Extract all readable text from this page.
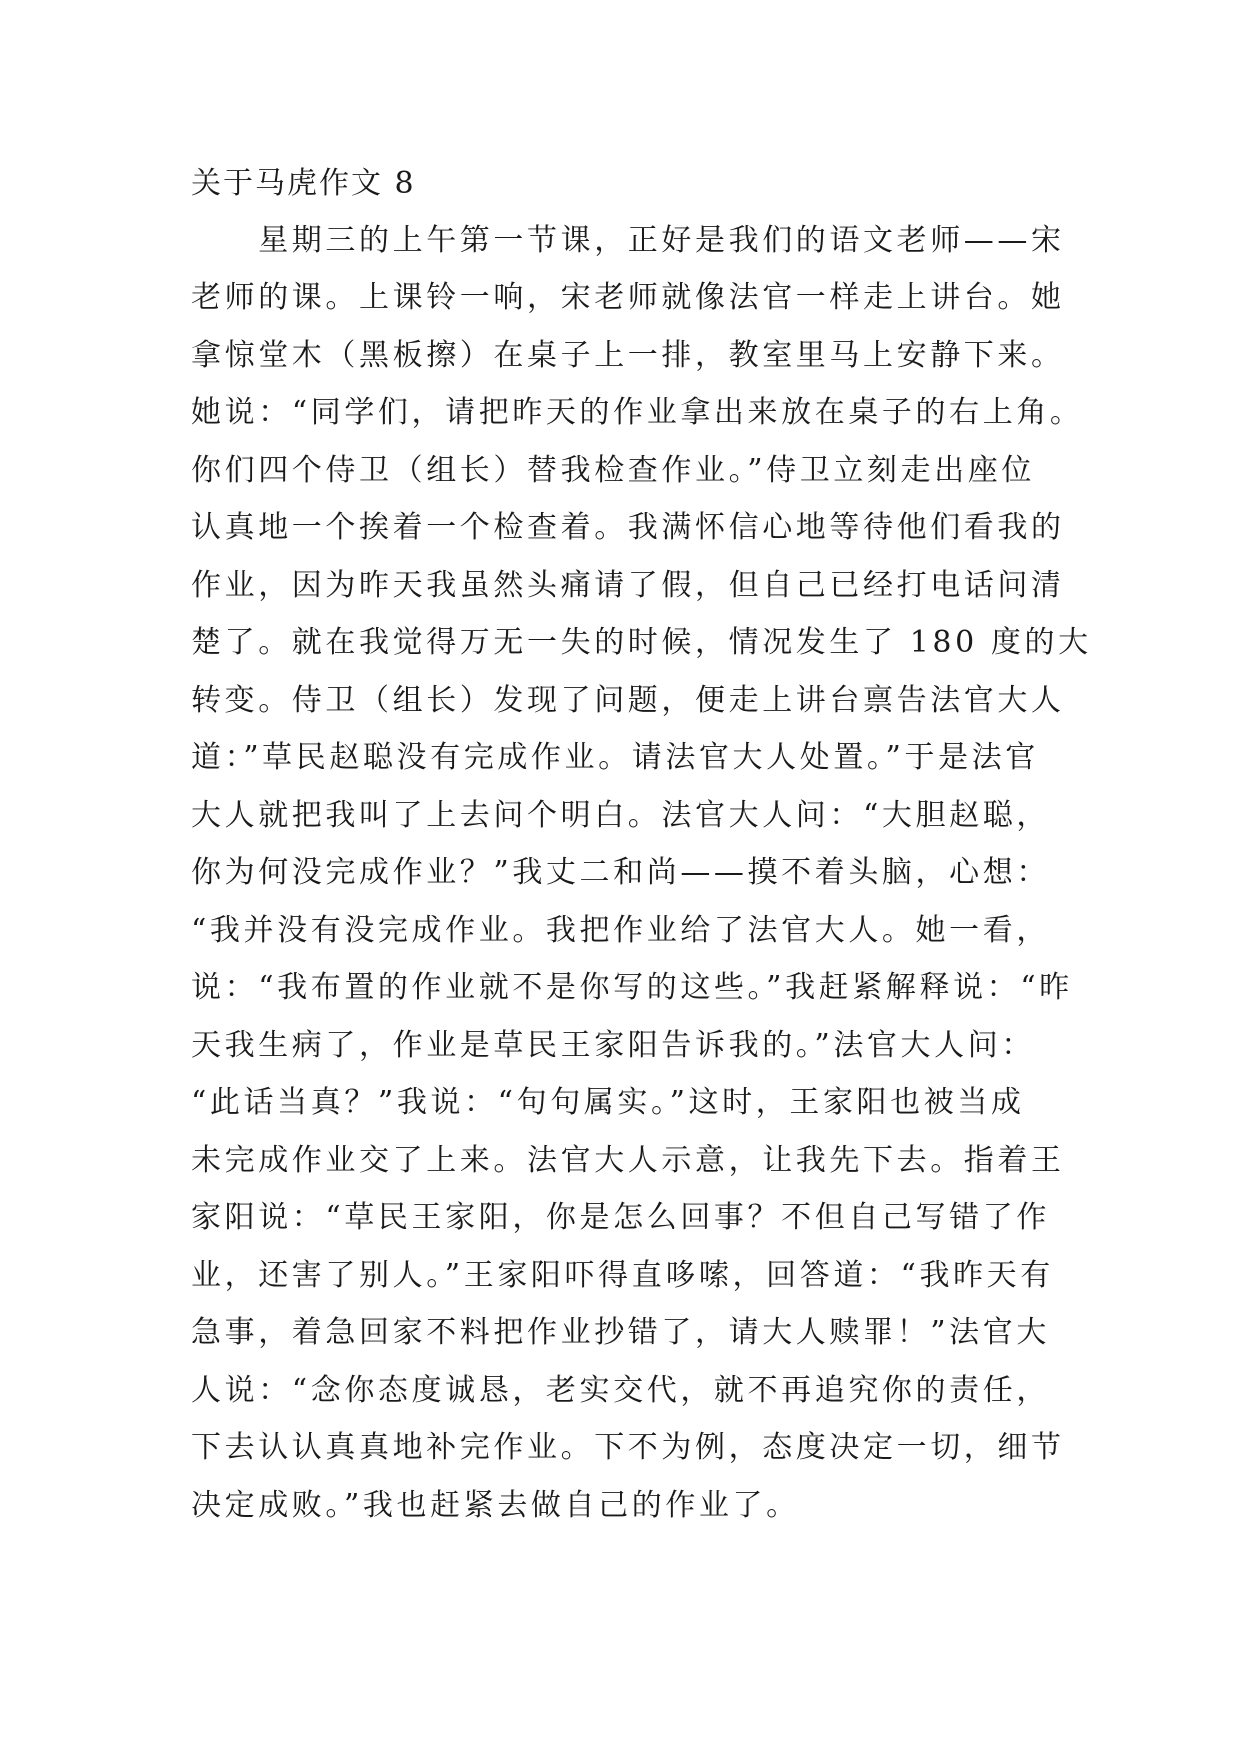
关于马虎作文 8
　　星期三的上午第一节课，正好是我们的语文老师——宋
老师的课。上课铃一响，宋老师就像法官一样走上讲台。她
拿惊堂木（黑板擦）在桌子上一排，教室里马上安静下来。
她说：“同学们，请把昨天的作业拿出来放在桌子的右上角。
你们四个侍卫（组长）替我检查作业。”侍卫立刻走出座位
认真地一个挨着一个检查着。我满怀信心地等待他们看我的
作业，因为昨天我虽然头痛请了假，但自己已经打电话问清
楚了。就在我觉得万无一失的时候，情况发生了 180 度的大
转变。侍卫（组长）发现了问题，便走上讲台禀告法官大人
道：”草民赵聪没有完成作业。请法官大人处置。”于是法官
大人就把我叫了上去问个明白。法官大人问：“大胆赵聪，
你为何没完成作业？”我丈二和尚——摸不着头脑，心想：
“我并没有没完成作业。我把作业给了法官大人。她一看，
说：“我布置的作业就不是你写的这些。”我赶紧解释说：“昨
天我生病了，作业是草民王家阳告诉我的。”法官大人问：
“此话当真？”我说：“句句属实。”这时，王家阳也被当成
未完成作业交了上来。法官大人示意，让我先下去。指着王
家阳说：“草民王家阳，你是怎么回事？不但自己写错了作
业，还害了别人。”王家阳吓得直哆嗦，回答道：“我昨天有
急事，着急回家不料把作业抄错了，请大人赎罪！”法官大
人说：“念你态度诚恳，老实交代，就不再追究你的责任，
下去认认真真地补完作业。下不为例，态度决定一切，细节
决定成败。”我也赶紧去做自己的作业了。
